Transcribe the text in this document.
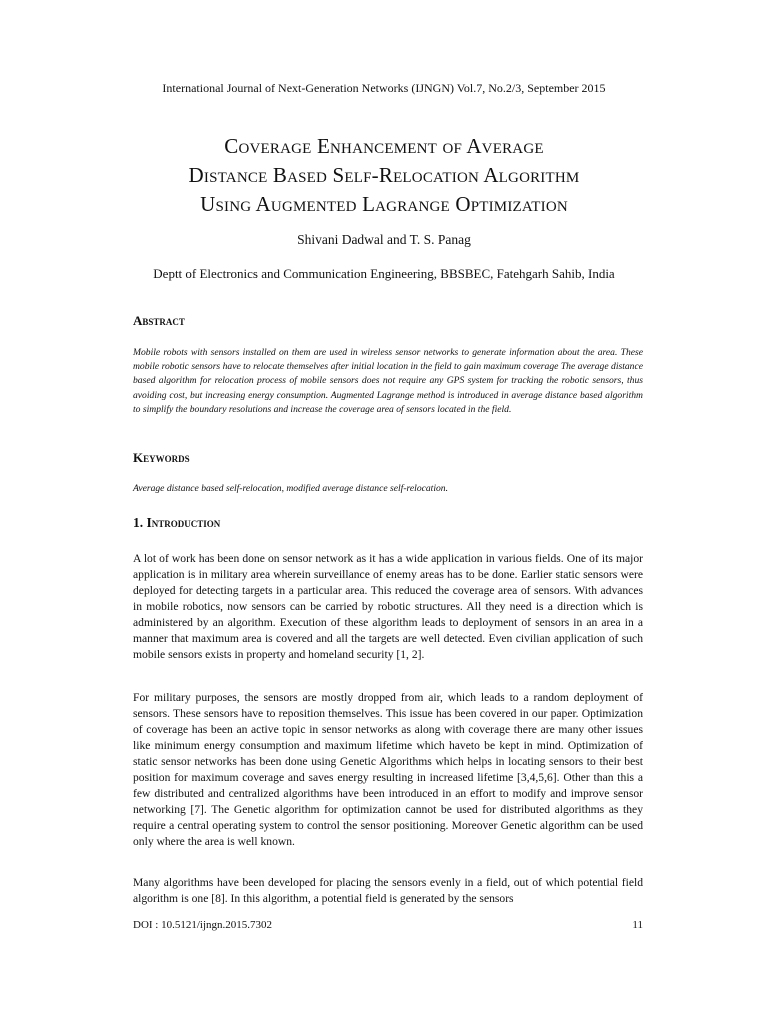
International Journal of Next-Generation Networks (IJNGN) Vol.7, No.2/3, September 2015
Coverage Enhancement of Average
Distance Based Self-Relocation Algorithm
Using Augmented Lagrange Optimization
Shivani Dadwal and T. S. Panag
Deptt of Electronics and Communication Engineering, BBSBEC, Fatehgarh Sahib, India
Abstract
Mobile robots with sensors installed on them are used in wireless sensor networks to generate information about the area. These mobile robotic sensors have to relocate themselves after initial location in the field to gain maximum coverage The average distance based algorithm for relocation process of mobile sensors does not require any GPS system for tracking the robotic sensors, thus avoiding cost, but increasing energy consumption. Augmented Lagrange method is introduced in average distance based algorithm to simplify the boundary resolutions and increase the coverage area of sensors located in the field.
Keywords
Average distance based self-relocation, modified average distance self-relocation.
1. Introduction
A lot of work has been done on sensor network as it has a wide application in various fields. One of its major application is in military area wherein surveillance of enemy areas has to be done. Earlier static sensors were deployed for detecting targets in a particular area. This reduced the coverage area of sensors. With advances in mobile robotics, now sensors can be carried by robotic structures. All they need is a direction which is administered by an algorithm. Execution of these algorithm leads to deployment of sensors in an area in a manner that maximum area is covered and all the targets are well detected. Even civilian application of such mobile sensors exists in property and homeland security [1, 2].
For military purposes, the sensors are mostly dropped from air, which leads to a random deployment of sensors. These sensors have to reposition themselves. This issue has been covered in our paper. Optimization of coverage has been an active topic in sensor networks as along with coverage there are many other issues like minimum energy consumption and maximum lifetime which haveto be kept in mind. Optimization of static sensor networks has been done using Genetic Algorithms which helps in locating sensors to their best position for maximum coverage and saves energy resulting in increased lifetime [3,4,5,6]. Other than this a few distributed and centralized algorithms have been introduced in an effort to modify and improve sensor networking [7]. The Genetic algorithm for optimization cannot be used for distributed algorithms as they require a central operating system to control the sensor positioning. Moreover Genetic algorithm can be used only where the area is well known.
Many algorithms have been developed for placing the sensors evenly in a field, out of which potential field algorithm is one [8]. In this algorithm, a potential field is generated by the sensors
DOI : 10.5121/ijngn.2015.7302	11
